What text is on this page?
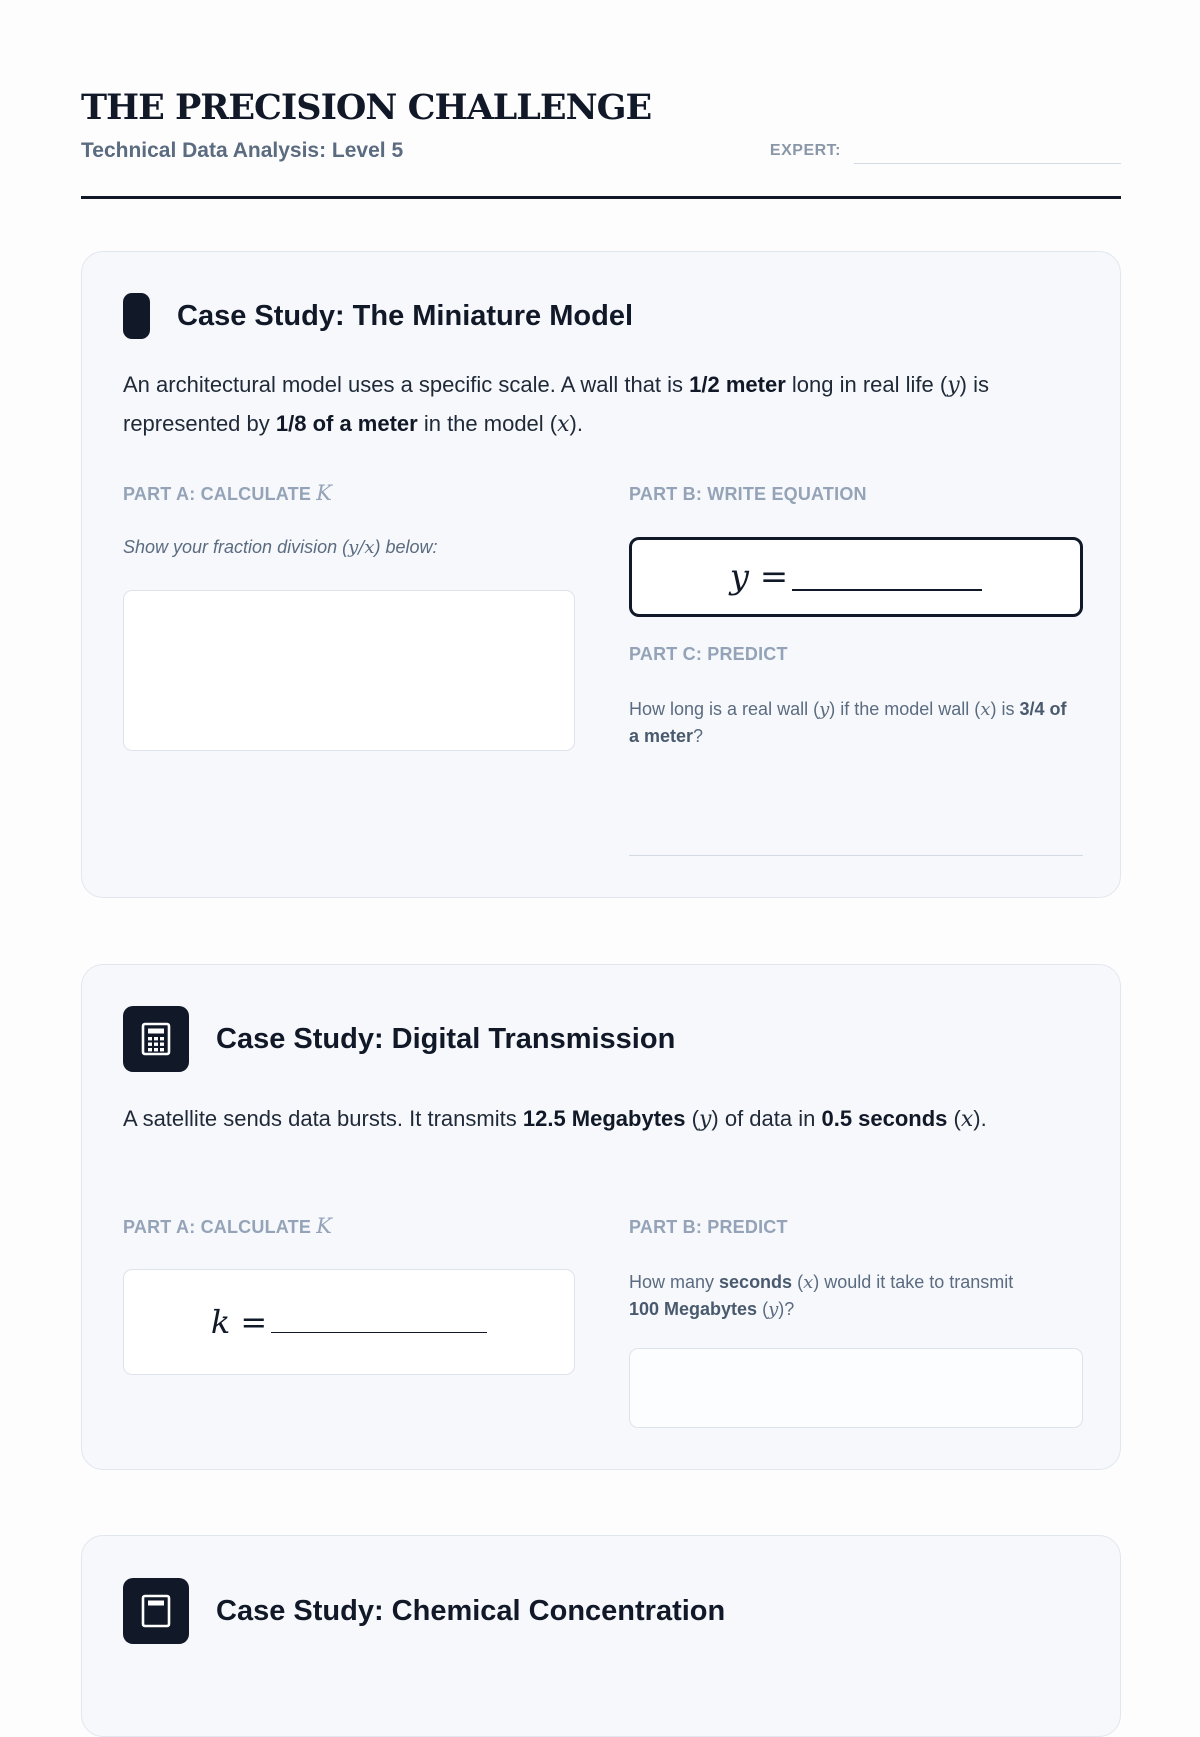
THE PRECISION CHALLENGE
Technical Data Analysis: Level 5	EXPERT:
Case Study: The Miniature Model
An architectural model uses a specific scale. A wall that is 1/2 meter long in real life (y) is represented by 1/8 of a meter in the model (x).
PART A: CALCULATE K
Show your fraction division (y/x) below:
PART B: WRITE EQUATION
y =
PART C: PREDICT
How long is a real wall (y) if the model wall (x) is 3/4 of a meter?
Case Study: Digital Transmission
A satellite sends data bursts. It transmits 12.5 Megabytes (y) of data in 0.5 seconds (x).
PART A: CALCULATE K
k =
PART B: PREDICT
How many seconds (x) would it take to transmit 100 Megabytes (y)?
Case Study: Chemical Concentration
